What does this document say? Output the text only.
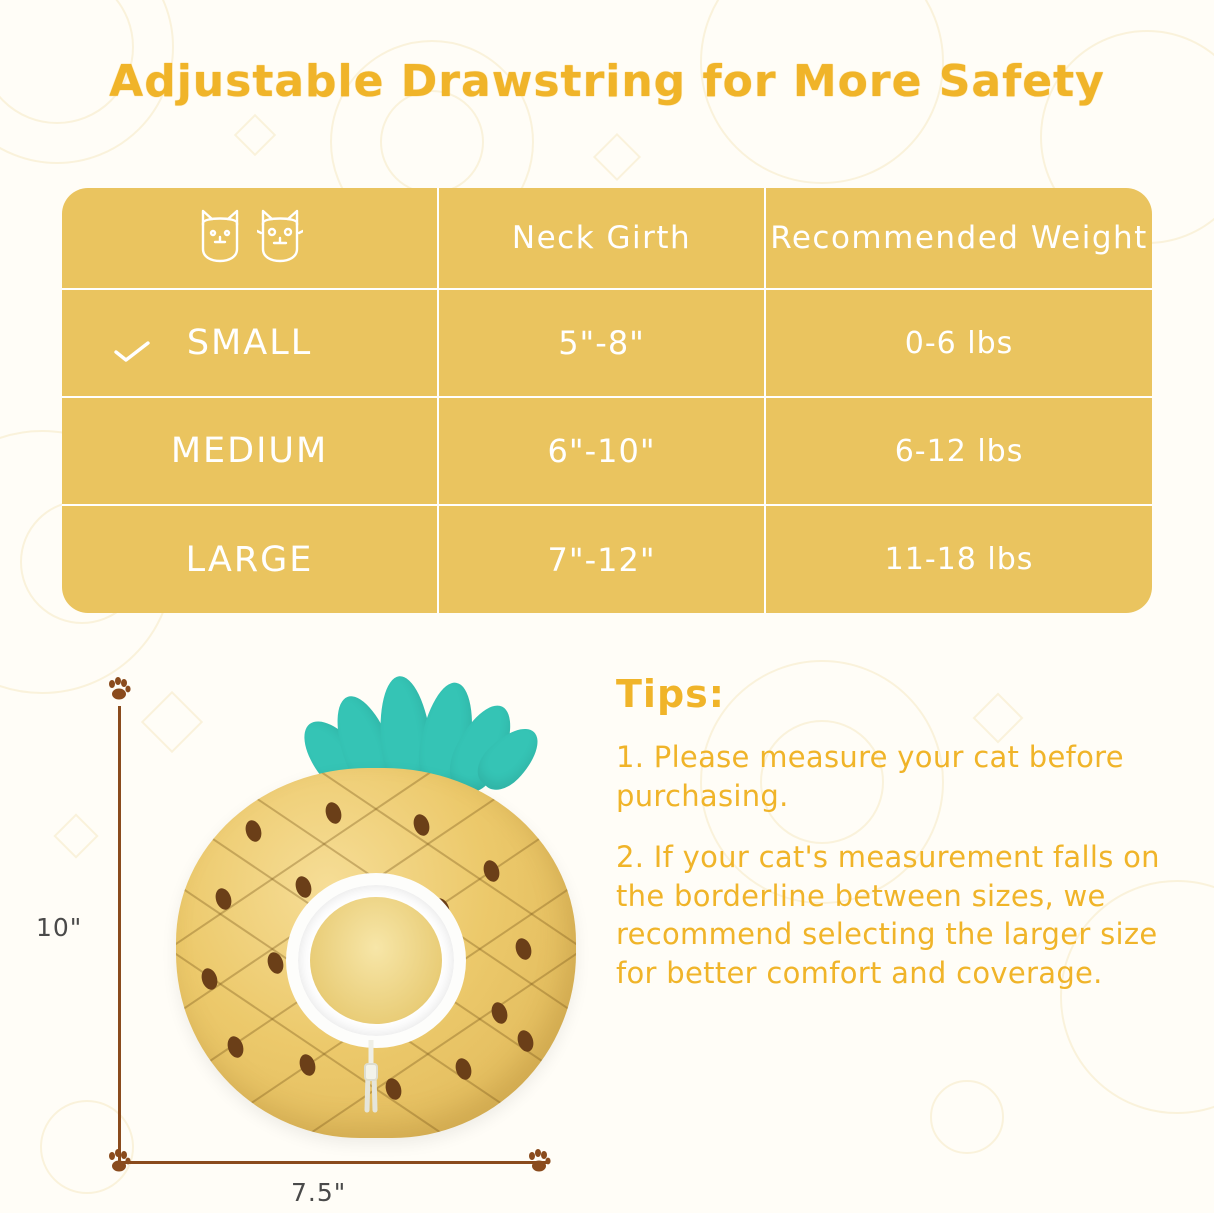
Adjustable Drawstring for More Safety
	Neck Girth	Recommended Weight

SMALL	5"-8"	0-6 lbs
MEDIUM	6"-10"	6-12 lbs
LARGE	7"-12"	11-18 lbs
10"
7.5"
Tips:
1. Please measure your cat before purchasing.
2. If your cat's measurement falls on the borderline between sizes, we recommend selecting the larger size for better comfort and coverage.
